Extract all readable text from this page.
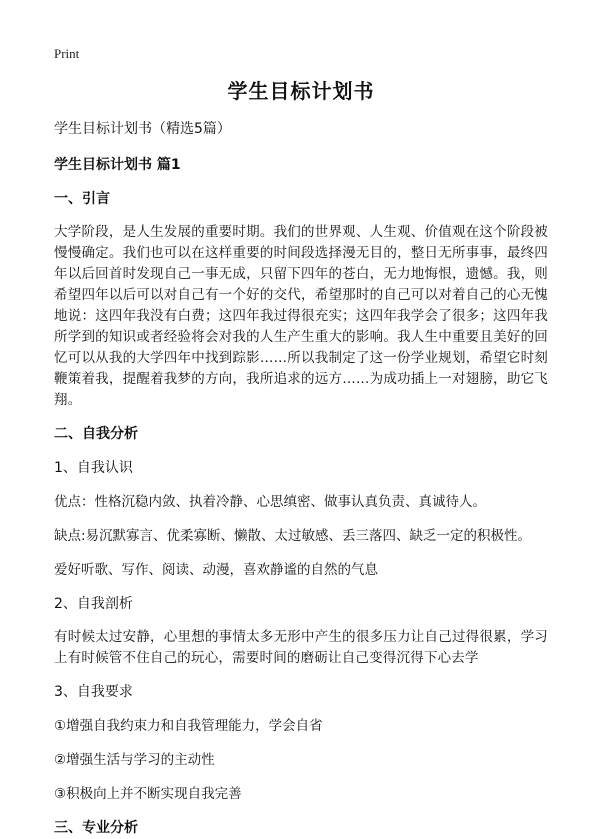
Print
学生目标计划书
学生目标计划书（精选5篇）
学生目标计划书 篇1
一、引言
大学阶段，是人生发展的重要时期。我们的世界观、人生观、价值观在这个阶段被慢慢确定。我们也可以在这样重要的时间段选择漫无目的，整日无所事事，最终四年以后回首时发现自己一事无成，只留下四年的苍白，无力地悔恨，遗憾。我，则希望四年以后可以对自己有一个好的交代，希望那时的自己可以对着自己的心无愧地说：这四年我没有白费；这四年我过得很充实；这四年我学会了很多；这四年我所学到的知识或者经验将会对我的人生产生重大的影响。我人生中重要且美好的回忆可以从我的大学四年中找到踪影……所以我制定了这一份学业规划，希望它时刻鞭策着我，提醒着我梦的方向，我所追求的远方……为成功插上一对翅膀，助它飞翔。
二、自我分析
1、自我认识
优点：性格沉稳内敛、执着冷静、心思缜密、做事认真负责、真诚待人。
缺点:易沉默寡言、优柔寡断、懒散、太过敏感、丢三落四、缺乏一定的积极性。
爱好听歌、写作、阅读、动漫，喜欢静谧的自然的气息
2、自我剖析
有时候太过安静，心里想的事情太多无形中产生的很多压力让自己过得很累，学习上有时候管不住自己的玩心，需要时间的磨砺让自己变得沉得下心去学
3、自我要求
①增强自我约束力和自我管理能力，学会自省
②增强生活与学习的主动性
③积极向上并不断实现自我完善
三、专业分析
